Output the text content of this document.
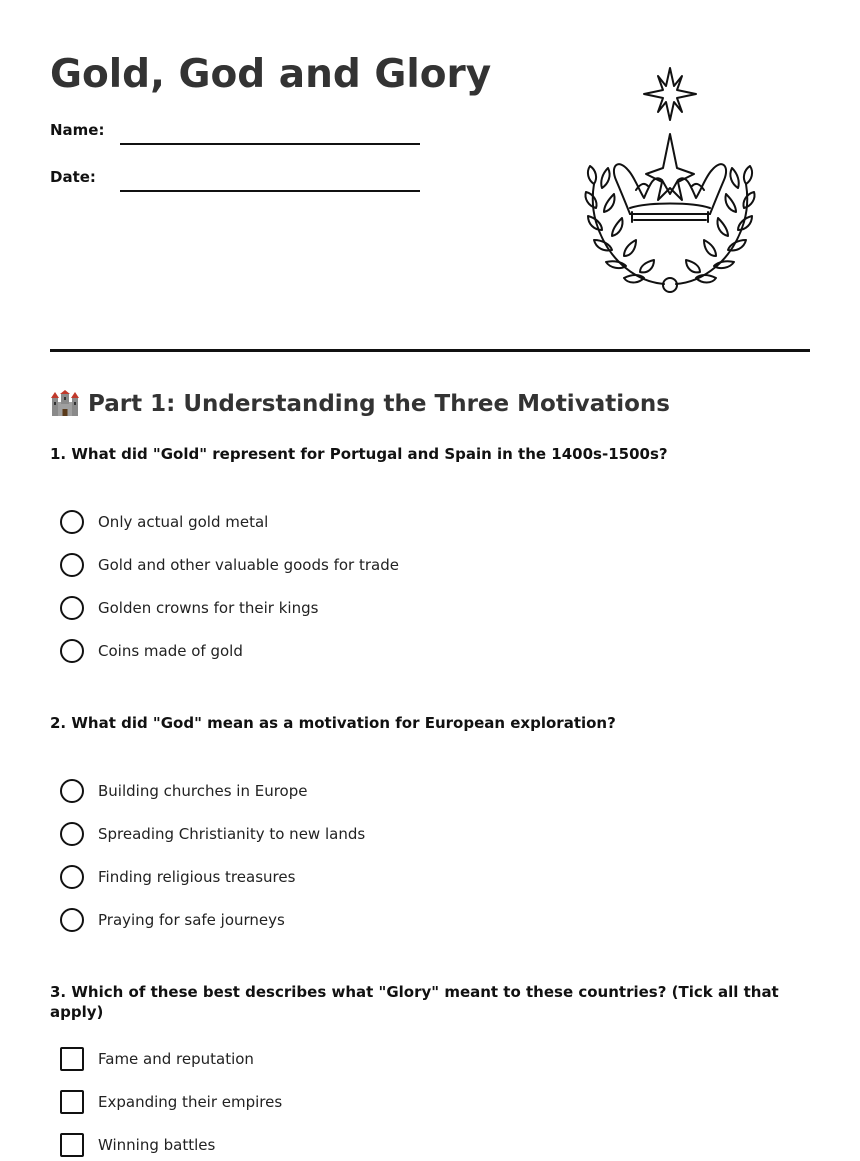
Gold, God and Glory
Name:
Date:
Part 1: Understanding the Three Motivations

1. What did "Gold" represent for Portugal and Spain in the 1400s-1500s?

Only actual gold metal
Gold and other valuable goods for trade
Golden crowns for their kings
Coins made of gold

2. What did "God" mean as a motivation for European exploration?

Building churches in Europe
Spreading Christianity to new lands
Finding religious treasures
Praying for safe journeys

3. Which of these best describes what "Glory" meant to these countries? (Tick all that apply)

Fame and reputation
Expanding their empires
Winning battles
